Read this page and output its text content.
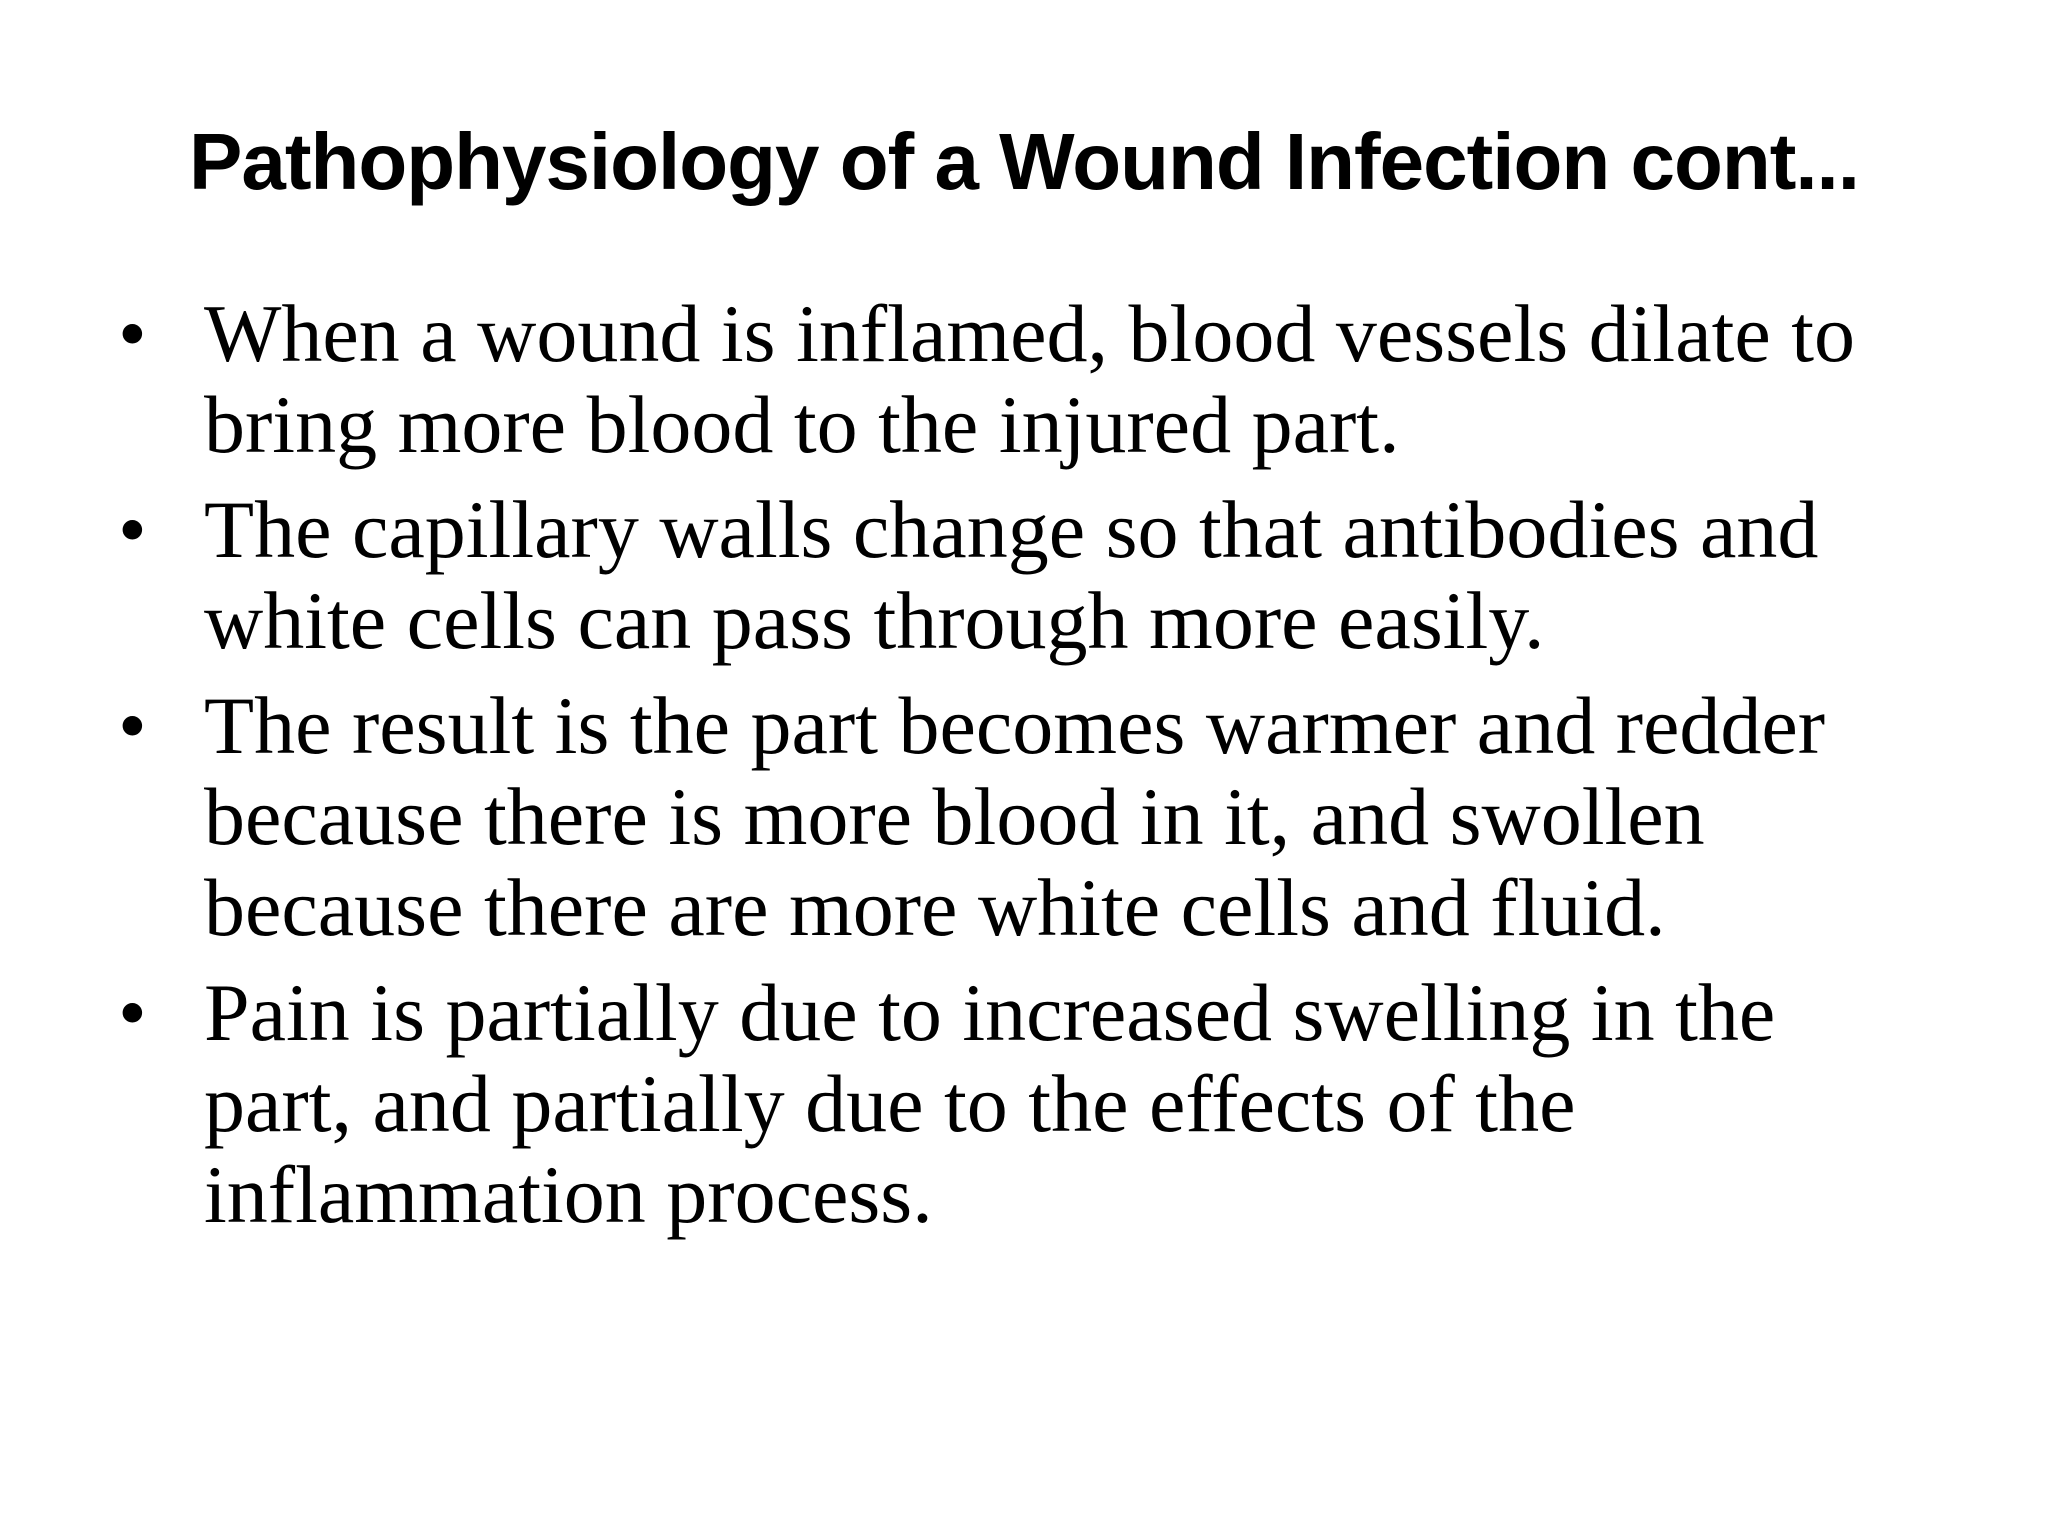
Pathophysiology of a Wound Infection cont...
• When a wound is inflamed, blood vessels dilate to
bring more blood to the injured part.
• The capillary walls change so that antibodies and
white cells can pass through more easily.
• The result is the part becomes warmer and redder
because there is more blood in it, and swollen
because there are more white cells and fluid.
• Pain is partially due to increased swelling in the
part, and partially due to the effects of the
inflammation process.
